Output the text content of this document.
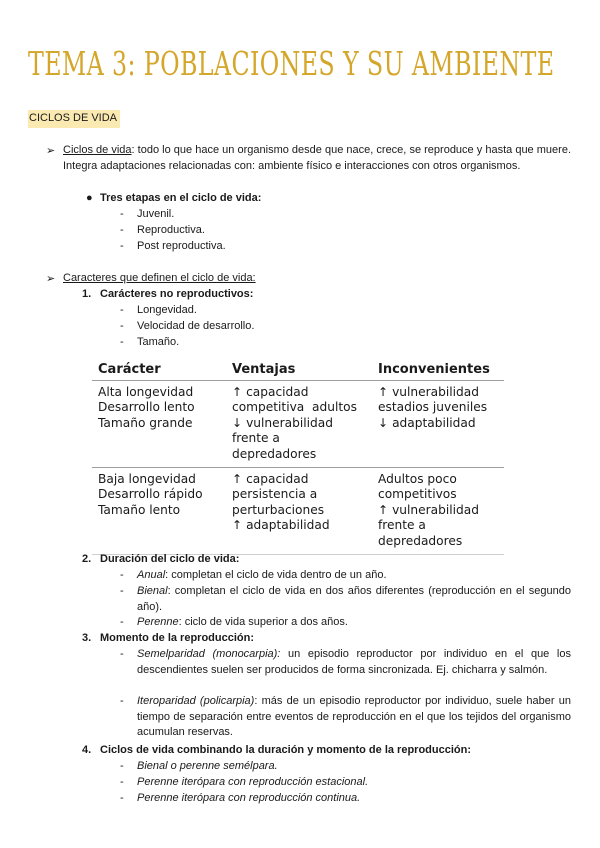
TEMA 3: POBLACIONES Y SU AMBIENTE
CICLOS DE VIDA
➢ Ciclos de vida: todo lo que hace un organismo desde que nace, crece, se reproduce y hasta que muere. Integra adaptaciones relacionadas con: ambiente físico e interacciones con otros organismos.
● Tres etapas en el ciclo de vida:
- Juvenil.
- Reproductiva.
- Post reproductiva.
➢ Caracteres que definen el ciclo de vida:
1. Carácteres no reproductivos:
- Longevidad.
- Velocidad de desarrollo.
- Tamaño.
Carácter	Ventajas	Inconvenientes

Alta longevidad
Desarrollo lento
Tamaño grande	↑ capacidad
competitiva  adultos
↓ vulnerabilidad
frente a
depredadores	↑ vulnerabilidad
estadios juveniles
↓ adaptabilidad

Baja longevidad
Desarrollo rápido
Tamaño lento	↑ capacidad
persistencia a
perturbaciones
↑ adaptabilidad	Adultos poco
competitivos
↑ vulnerabilidad
frente a
depredadores
2. Duración del ciclo de vida:
- Anual: completan el ciclo de vida dentro de un año.
- Bienal: completan el ciclo de vida en dos años diferentes (reproducción en el segundo año).
- Perenne: ciclo de vida superior a dos años.
3. Momento de la reproducción:
- Semelparidad (monocarpia): un episodio reproductor por individuo en el que los descendientes suelen ser producidos de forma sincronizada. Ej. chicharra y salmón.
- Iteroparidad (policarpia): más de un episodio reproductor por individuo, suele haber un tiempo de separación entre eventos de reproducción en el que los tejidos del organismo acumulan reservas.
4. Ciclos de vida combinando la duración y momento de la reproducción:
- Bienal o perenne semélpara.
- Perenne iteróparа con reproducción estacional.
- Perenne iterópara con reproducción continua.
